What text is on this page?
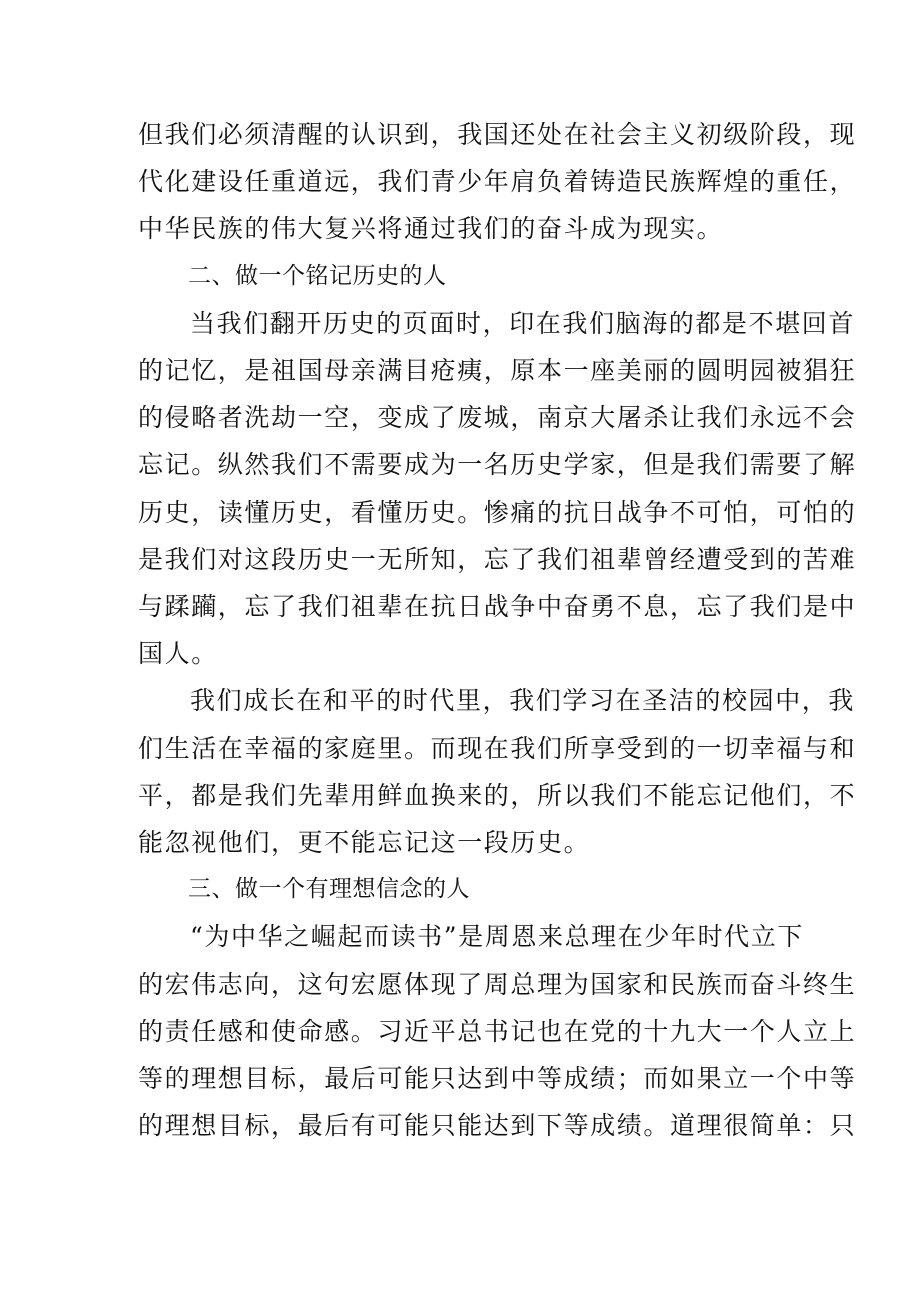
但我们必须清醒的认识到，我国还处在社会主义初级阶段，现
代化建设任重道远，我们青少年肩负着铸造民族辉煌的重任，
中华民族的伟大复兴将通过我们的奋斗成为现实。
二、做一个铭记历史的人
当我们翻开历史的页面时，印在我们脑海的都是不堪回首
的记忆，是祖国母亲满目疮痍，原本一座美丽的圆明园被猖狂
的侵略者洗劫一空，变成了废城，南京大屠杀让我们永远不会
忘记。纵然我们不需要成为一名历史学家，但是我们需要了解
历史，读懂历史，看懂历史。惨痛的抗日战争不可怕，可怕的
是我们对这段历史一无所知，忘了我们祖辈曾经遭受到的苦难
与蹂躏，忘了我们祖辈在抗日战争中奋勇不息，忘了我们是中
国人。
我们成长在和平的时代里，我们学习在圣洁的校园中，我
们生活在幸福的家庭里。而现在我们所享受到的一切幸福与和
平，都是我们先辈用鲜血换来的，所以我们不能忘记他们，不
能忽视他们，更不能忘记这一段历史。
三、做一个有理想信念的人
“为中华之崛起而读书”是周恩来总理在少年时代立下
的宏伟志向，这句宏愿体现了周总理为国家和民族而奋斗终生
的责任感和使命感。习近平总书记也在党的十九大一个人立上
等的理想目标，最后可能只达到中等成绩；而如果立一个中等
的理想目标，最后有可能只能达到下等成绩。道理很简单：只
